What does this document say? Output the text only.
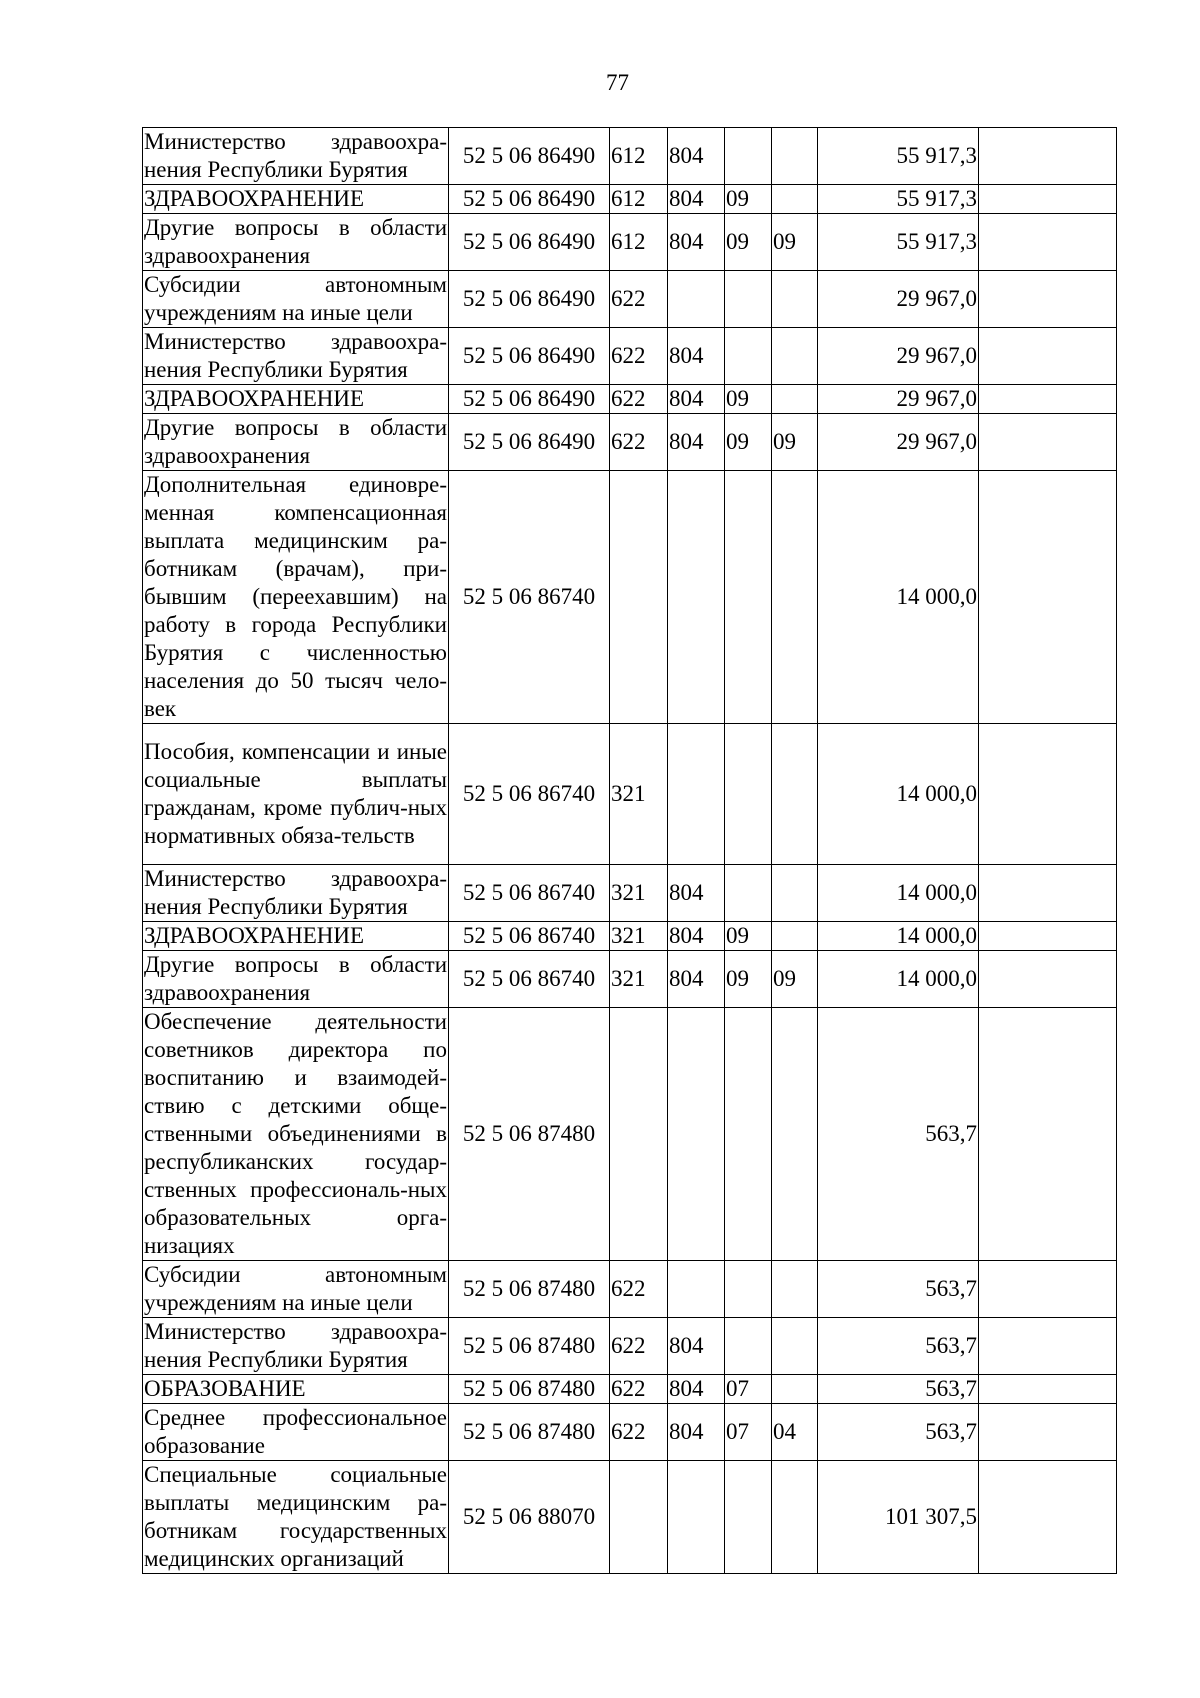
77
Министерство здравоохра-нения Республики Бурятия	52 5 06 86490	612	804			55 917,3	
ЗДРАВООХРАНЕНИЕ	52 5 06 86490	612	804	09		55 917,3	
Другие вопросы в области здравоохранения	52 5 06 86490	612	804	09	09	55 917,3	
Субсидии автономным учреждениям на иные цели	52 5 06 86490	622				29 967,0	
Министерство здравоохра-нения Республики Бурятия	52 5 06 86490	622	804			29 967,0	
ЗДРАВООХРАНЕНИЕ	52 5 06 86490	622	804	09		29 967,0	
Другие вопросы в области здравоохранения	52 5 06 86490	622	804	09	09	29 967,0	
Дополнительная единовре-менная компенсационная выплата медицинским ра-ботникам (врачам), при-бывшим (переехавшим) на работу в города Республики Бурятия с численностью населения до 50 тысяч чело-век	52 5 06 86740					14 000,0	
Пособия, компенсации и иные социальные выплаты гражданам, кроме публич-ных нормативных обяза-тельств	52 5 06 86740	321				14 000,0	
Министерство здравоохра-нения Республики Бурятия	52 5 06 86740	321	804			14 000,0	
ЗДРАВООХРАНЕНИЕ	52 5 06 86740	321	804	09		14 000,0	
Другие вопросы в области здравоохранения	52 5 06 86740	321	804	09	09	14 000,0	
Обеспечение деятельности советников директора по воспитанию и взаимодей-ствию с детскими обще-ственными объединениями в республиканских государ-ственных профессиональ-ных образовательных орга-низациях	52 5 06 87480					563,7	
Субсидии автономным учреждениям на иные цели	52 5 06 87480	622				563,7	
Министерство здравоохра-нения Республики Бурятия	52 5 06 87480	622	804			563,7	
ОБРАЗОВАНИЕ	52 5 06 87480	622	804	07		563,7	
Среднее профессиональное образование	52 5 06 87480	622	804	07	04	563,7	
Специальные социальные выплаты медицинским ра-ботникам государственных медицинских организаций	52 5 06 88070					101 307,5	
